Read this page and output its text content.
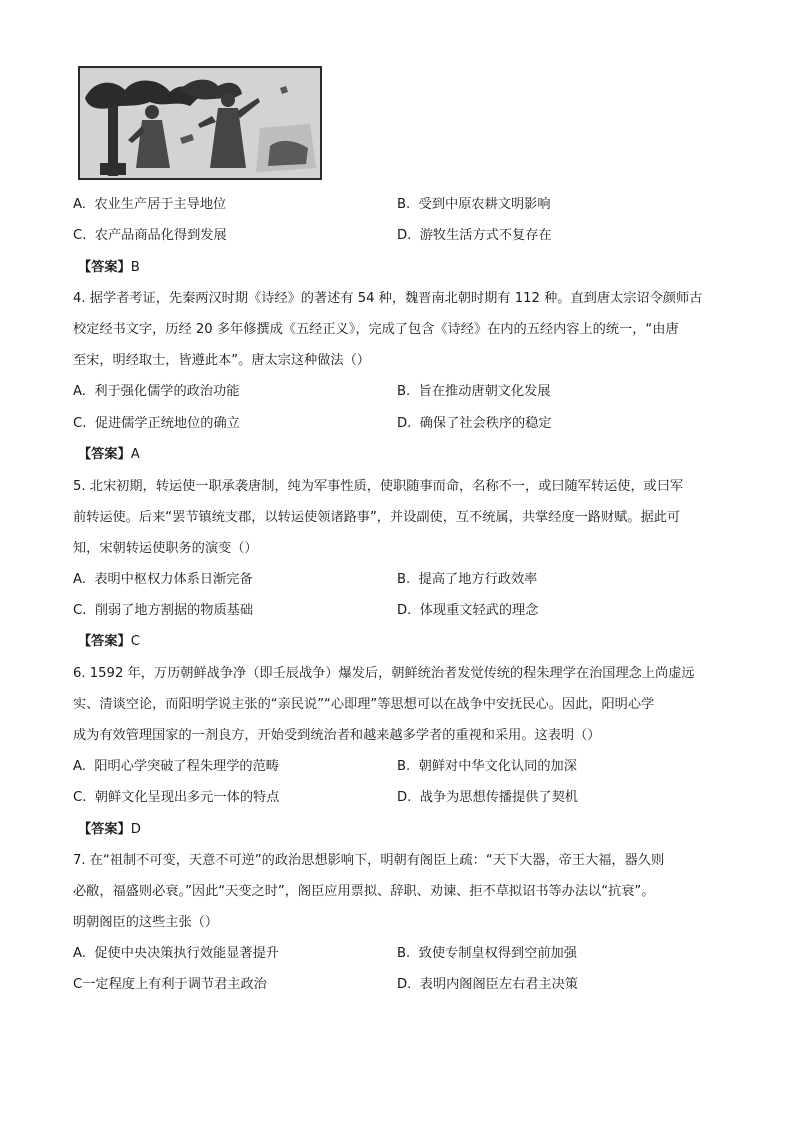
A. 农业生产居于主导地位	B. 受到中原农耕文明影响
C. 农产品商品化得到发展	D. 游牧生活方式不复存在
【答案】B
4. 据学者考证，先秦两汉时期《诗经》的著述有 54 种，魏晋南北朝时期有 112 种。直到唐太宗诏令颜师古
校定经书文字，历经 20 多年修撰成《五经正义》，完成了包含《诗经》在内的五经内容上的统一，“由唐
至宋，明经取士，皆遵此本”。唐太宗这种做法（）
A. 利于强化儒学的政治功能	B. 旨在推动唐朝文化发展
C. 促进儒学正统地位的确立	D. 确保了社会秩序的稳定
【答案】A
5. 北宋初期，转运使一职承袭唐制，纯为军事性质，使职随事而命，名称不一，或曰随军转运使，或曰军
前转运使。后来“罢节镇统支郡，以转运使领诸路事”，并设副使，互不统属，共掌经度一路财赋。据此可
知，宋朝转运使职务的演变（）
A. 表明中枢权力体系日渐完备	B. 提高了地方行政效率
C. 削弱了地方割据的物质基础	D. 体现重文轻武的理念
【答案】C
6. 1592 年，万历朝鲜战争净（即壬辰战争）爆发后，朝鲜统治者发觉传统的程朱理学在治国理念上尚虚远
实、清谈空论，而阳明学说主张的“亲民说”“心即理”等思想可以在战争中安抚民心。因此，阳明心学
成为有效管理国家的一剂良方，开始受到统治者和越来越多学者的重视和采用。这表明（）
A. 阳明心学突破了程朱理学的范畴	B. 朝鲜对中华文化认同的加深
C. 朝鲜文化呈现出多元一体的特点	D. 战争为思想传播提供了契机
【答案】D
7. 在“祖制不可变，天意不可逆”的政治思想影响下，明朝有阁臣上疏：“天下大器，帝王大福，器久则
必敝，福盛则必衰。”因此“天变之时”，阁臣应用票拟、辞职、劝谏、拒不草拟诏书等办法以“抗衰”。
明朝阁臣的这些主张（）
A. 促使中央决策执行效能显著提升	B. 致使专制皇权得到空前加强
C一定程度上有利于调节君主政治	D. 表明内阁阁臣左右君主决策
